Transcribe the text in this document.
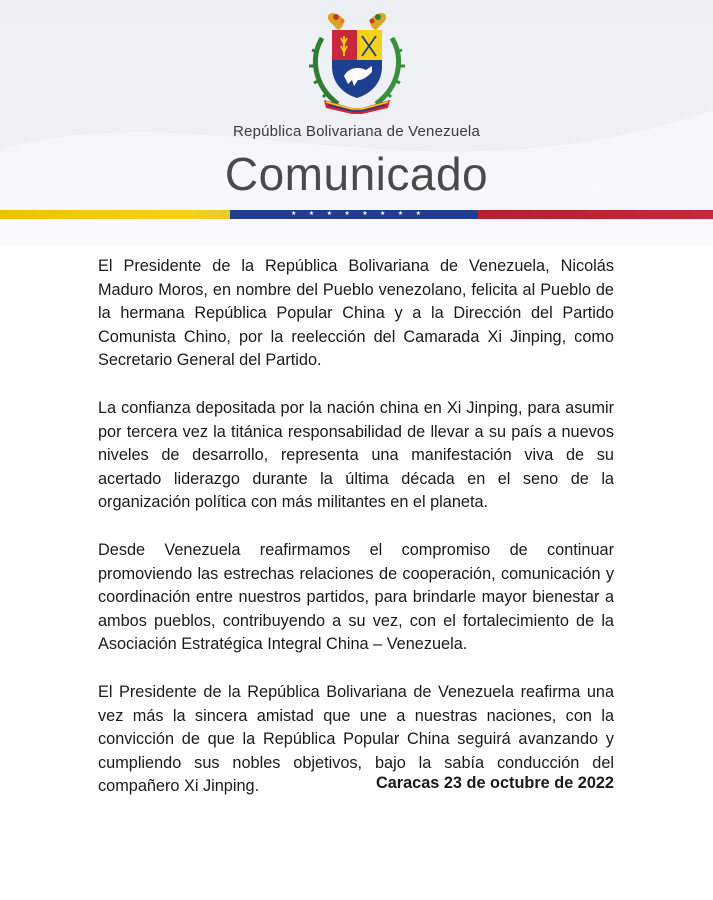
República Bolivariana de Venezuela
Comunicado
★ ★ ★ ★ ★ ★ ★ ★

El Presidente de la República Bolivariana de Venezuela, Nicolás Maduro Moros, en nombre del Pueblo venezolano, felicita al Pueblo de la hermana República Popular China y a la Dirección del Partido Comunista Chino, por la reelección del Camarada Xi Jinping, como Secretario General del Partido.

La confianza depositada por la nación china en Xi Jinping, para asumir por tercera vez la titánica responsabilidad de llevar a su país a nuevos niveles de desarrollo, representa una manifestación viva de su acertado liderazgo durante la última década en el seno de la organización política con más militantes en el planeta.

Desde Venezuela reafirmamos el compromiso de continuar promoviendo las estrechas relaciones de cooperación, comunicación y coordinación entre nuestros partidos, para brindarle mayor bienestar a ambos pueblos, contribuyendo a su vez, con el fortalecimiento de la Asociación Estratégica Integral China – Venezuela.

El Presidente de la República Bolivariana de Venezuela reafirma una vez más la sincera amistad que une a nuestras naciones, con la convicción de que la República Popular China seguirá avanzando y cumpliendo sus nobles objetivos, bajo la sabía conducción del compañero Xi Jinping.	Caracas 23 de octubre de 2022
